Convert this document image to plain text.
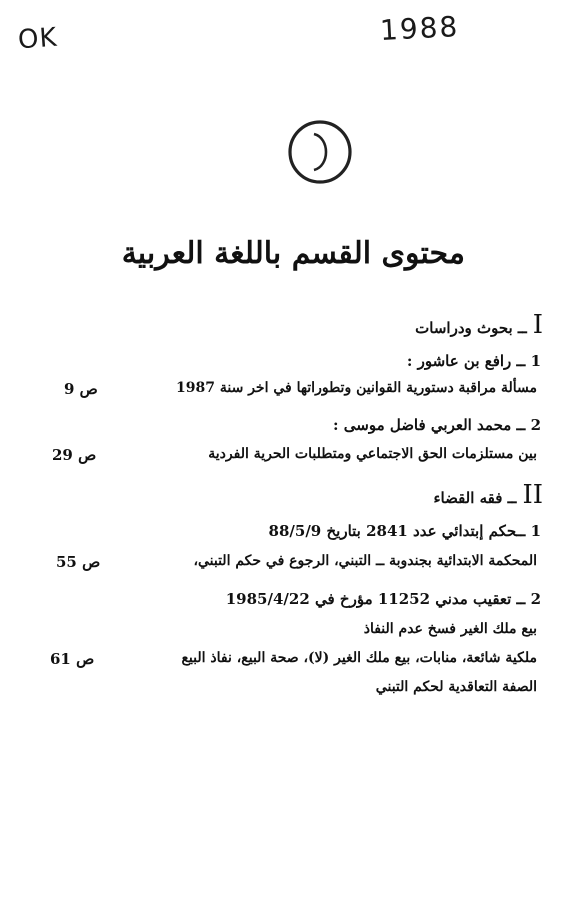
OK	1988
محتوى القسم باللغة العربية
I
ــ بحوث ودراسات
1 ــ رافع بن عاشور :
مسألة مراقبة دستورية القوانين وتطوراتها في اخر سنة 1987
ص 9
2 ــ محمد العربي فاضل موسى :
بين مستلزمات الحق الاجتماعي ومتطلبات الحرية الفردية
ص 29
II
ــ فقه القضاء
1 ــحكم إبتدائي عدد 2841 بتاريخ 88/5/9
المحكمة الابتدائية بجندوبة ــ التبني، الرجوع في حكم التبني،
ص 55
2 ــ تعقيب مدني 11252 مؤرخ في 1985/4/22
بيع ملك الغير فسخ عدم النفاذ
ملكية شائعة، منابات، بيع ملك الغير (لا)، صحة البيع، نفاذ البيع
ص 61
الصفة التعاقدية لحكم التبني
